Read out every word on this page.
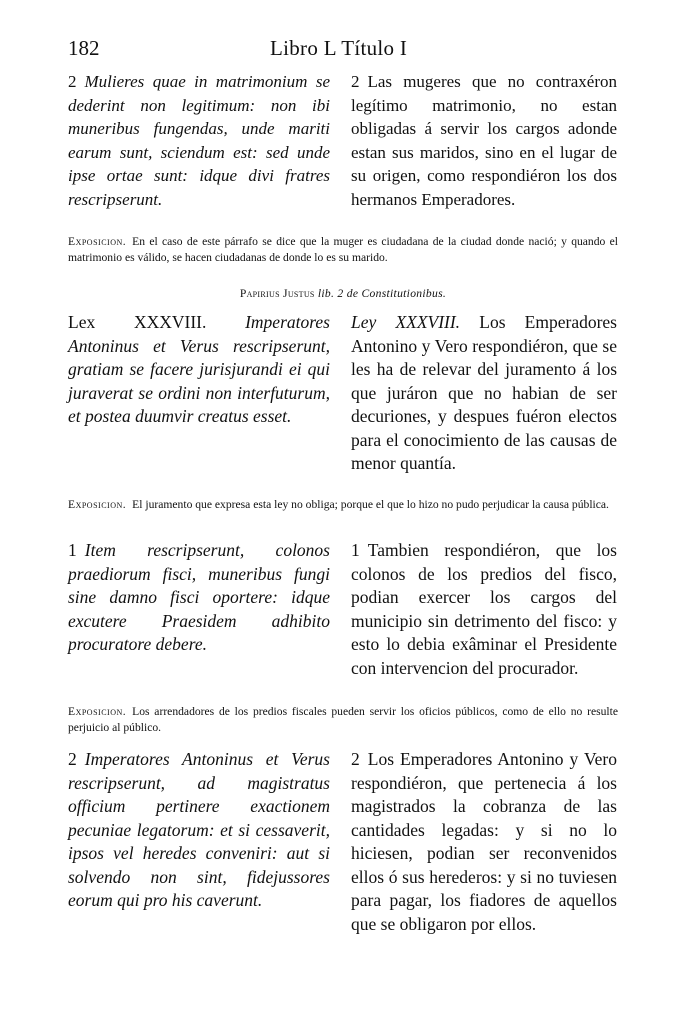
182	Libro L Título I
2 Mulieres quae in matrimonium se dederint non legitimum: non ibi muneribus fungendas, unde mariti earum sunt, sciendum est: sed unde ipse ortae sunt: idque divi fratres rescripserunt.
2 Las mugeres que no contraxéron legítimo matrimonio, no estan obligadas á servir los cargos adonde estan sus maridos, sino en el lugar de su origen, como respondiéron los dos hermanos Emperadores.
Exposicion. En el caso de este párrafo se dice que la muger es ciudadana de la ciudad donde nació; y quando el matrimonio es válido, se hacen ciudadanas de donde lo es su marido.
Papirius Justus lib. 2 de Constitutionibus.
Lex XXXVIII. Imperatores Antoninus et Verus rescripserunt, gratiam se facere jurisjurandi ei qui juraverat se ordini non interfuturum, et postea duumvir creatus esset.
Ley XXXVIII. Los Emperadores Antonino y Vero respondiéron, que se les ha de relevar del juramento á los que juráron que no habian de ser decuriones, y despues fuéron electos para el conocimiento de las causas de menor quantía.
Exposicion. El juramento que expresa esta ley no obliga; porque el que lo hizo no pudo perjudicar la causa pública.
1 Item rescripserunt, colonos praediorum fisci, muneribus fungi sine damno fisci oportere: idque excutere Praesidem adhibito procuratore debere.
1 Tambien respondiéron, que los colonos de los predios del fisco, podian exercer los cargos del municipio sin detrimento del fisco: y esto lo debia exâminar el Presidente con intervencion del procurador.
Exposicion. Los arrendadores de los predios fiscales pueden servir los oficios públicos, como de ello no resulte perjuicio al público.
2 Imperatores Antoninus et Verus rescripserunt, ad magistratus officium pertinere exactionem pecuniae legatorum: et si cessaverit, ipsos vel heredes conveniri: aut si solvendo non sint, fidejussores eorum qui pro his caverunt.
2 Los Emperadores Antonino y Vero respondiéron, que pertenecia á los magistrados la cobranza de las cantidades legadas: y si no lo hiciesen, podian ser reconvenidos ellos ó sus herederos: y si no tuviesen para pagar, los fiadores de aquellos que se obligaron por ellos.
